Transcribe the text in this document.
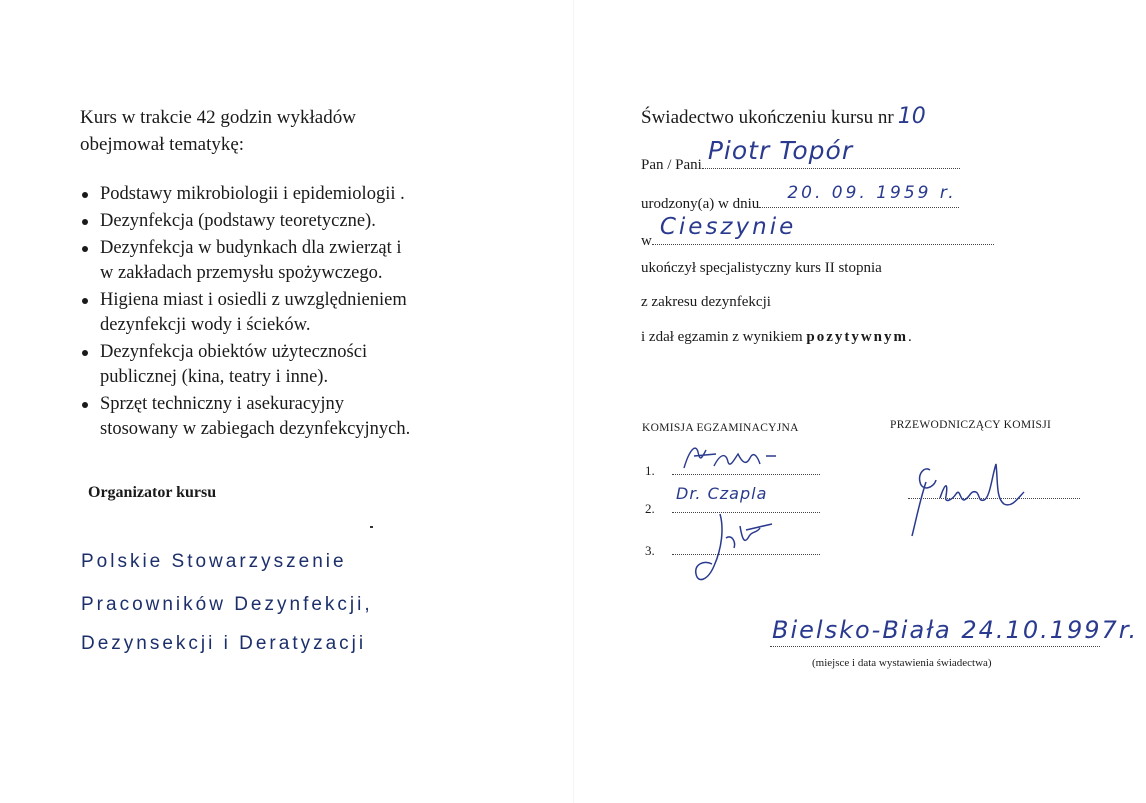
Kurs w trakcie 42 godzin wykładów
obejmował tematykę:
Podstawy mikrobiologii i epidemiologii .
Dezynfekcja (podstawy teoretyczne).
Dezynfekcja w budynkach dla zwierząt i
w zakładach przemysłu spożywczego.
Higiena miast i osiedli z uwzględnieniem
dezynfekcji wody i ścieków.
Dezynfekcja obiektów użyteczności
publicznej (kina, teatry i inne).
Sprzęt techniczny i asekuracyjny
stosowany w zabiegach dezynfekcyjnych.
Organizator kursu
Polskie Stowarzyszenie
Pracowników Dezynfekcji,
Dezynsekcji i Deratyzacji
Świadectwo ukończeniu kursu nr 10
Pan / Pani Piotr Topór
urodzony(a) w dniu
20. 09. 1959 r.
w
Cieszynie
ukończył specjalistyczny kurs II stopnia
z zakresu dezynfekcji
i zdał egzamin z wynikiem pozytywnym.
KOMISJA EGZAMINACYJNA	PRZEWODNICZĄCY KOMISJI
1.
2.
Dr. Czapla
3.
Bielsko-Biała 24.10.1997r.
(miejsce i data wystawienia świadectwa)
